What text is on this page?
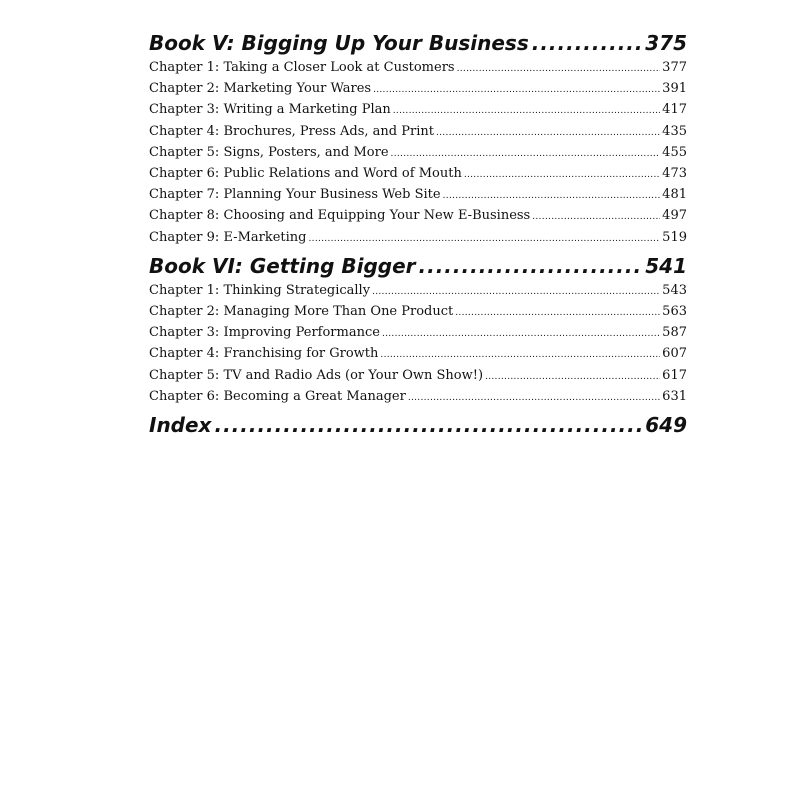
Book V: Bigging Up Your Business .....	375
Chapter 1: Taking a Closer Look at Customers .....	377
Chapter 2: Marketing Your Wares .....	391
Chapter 3: Writing a Marketing Plan .....	417
Chapter 4: Brochures, Press Ads, and Print .....	435
Chapter 5: Signs, Posters, and More .....	455
Chapter 6: Public Relations and Word of Mouth .....	473
Chapter 7: Planning Your Business Web Site .....	481
Chapter 8: Choosing and Equipping Your New E-Business .....	497
Chapter 9: E-Marketing .....	519
Book VI: Getting Bigger .....	541
Chapter 1: Thinking Strategically .....	543
Chapter 2: Managing More Than One Product .....	563
Chapter 3: Improving Performance .....	587
Chapter 4: Franchising for Growth .....	607
Chapter 5: TV and Radio Ads (or Your Own Show!) .....	617
Chapter 6: Becoming a Great Manager .....	631
Index .....	649
